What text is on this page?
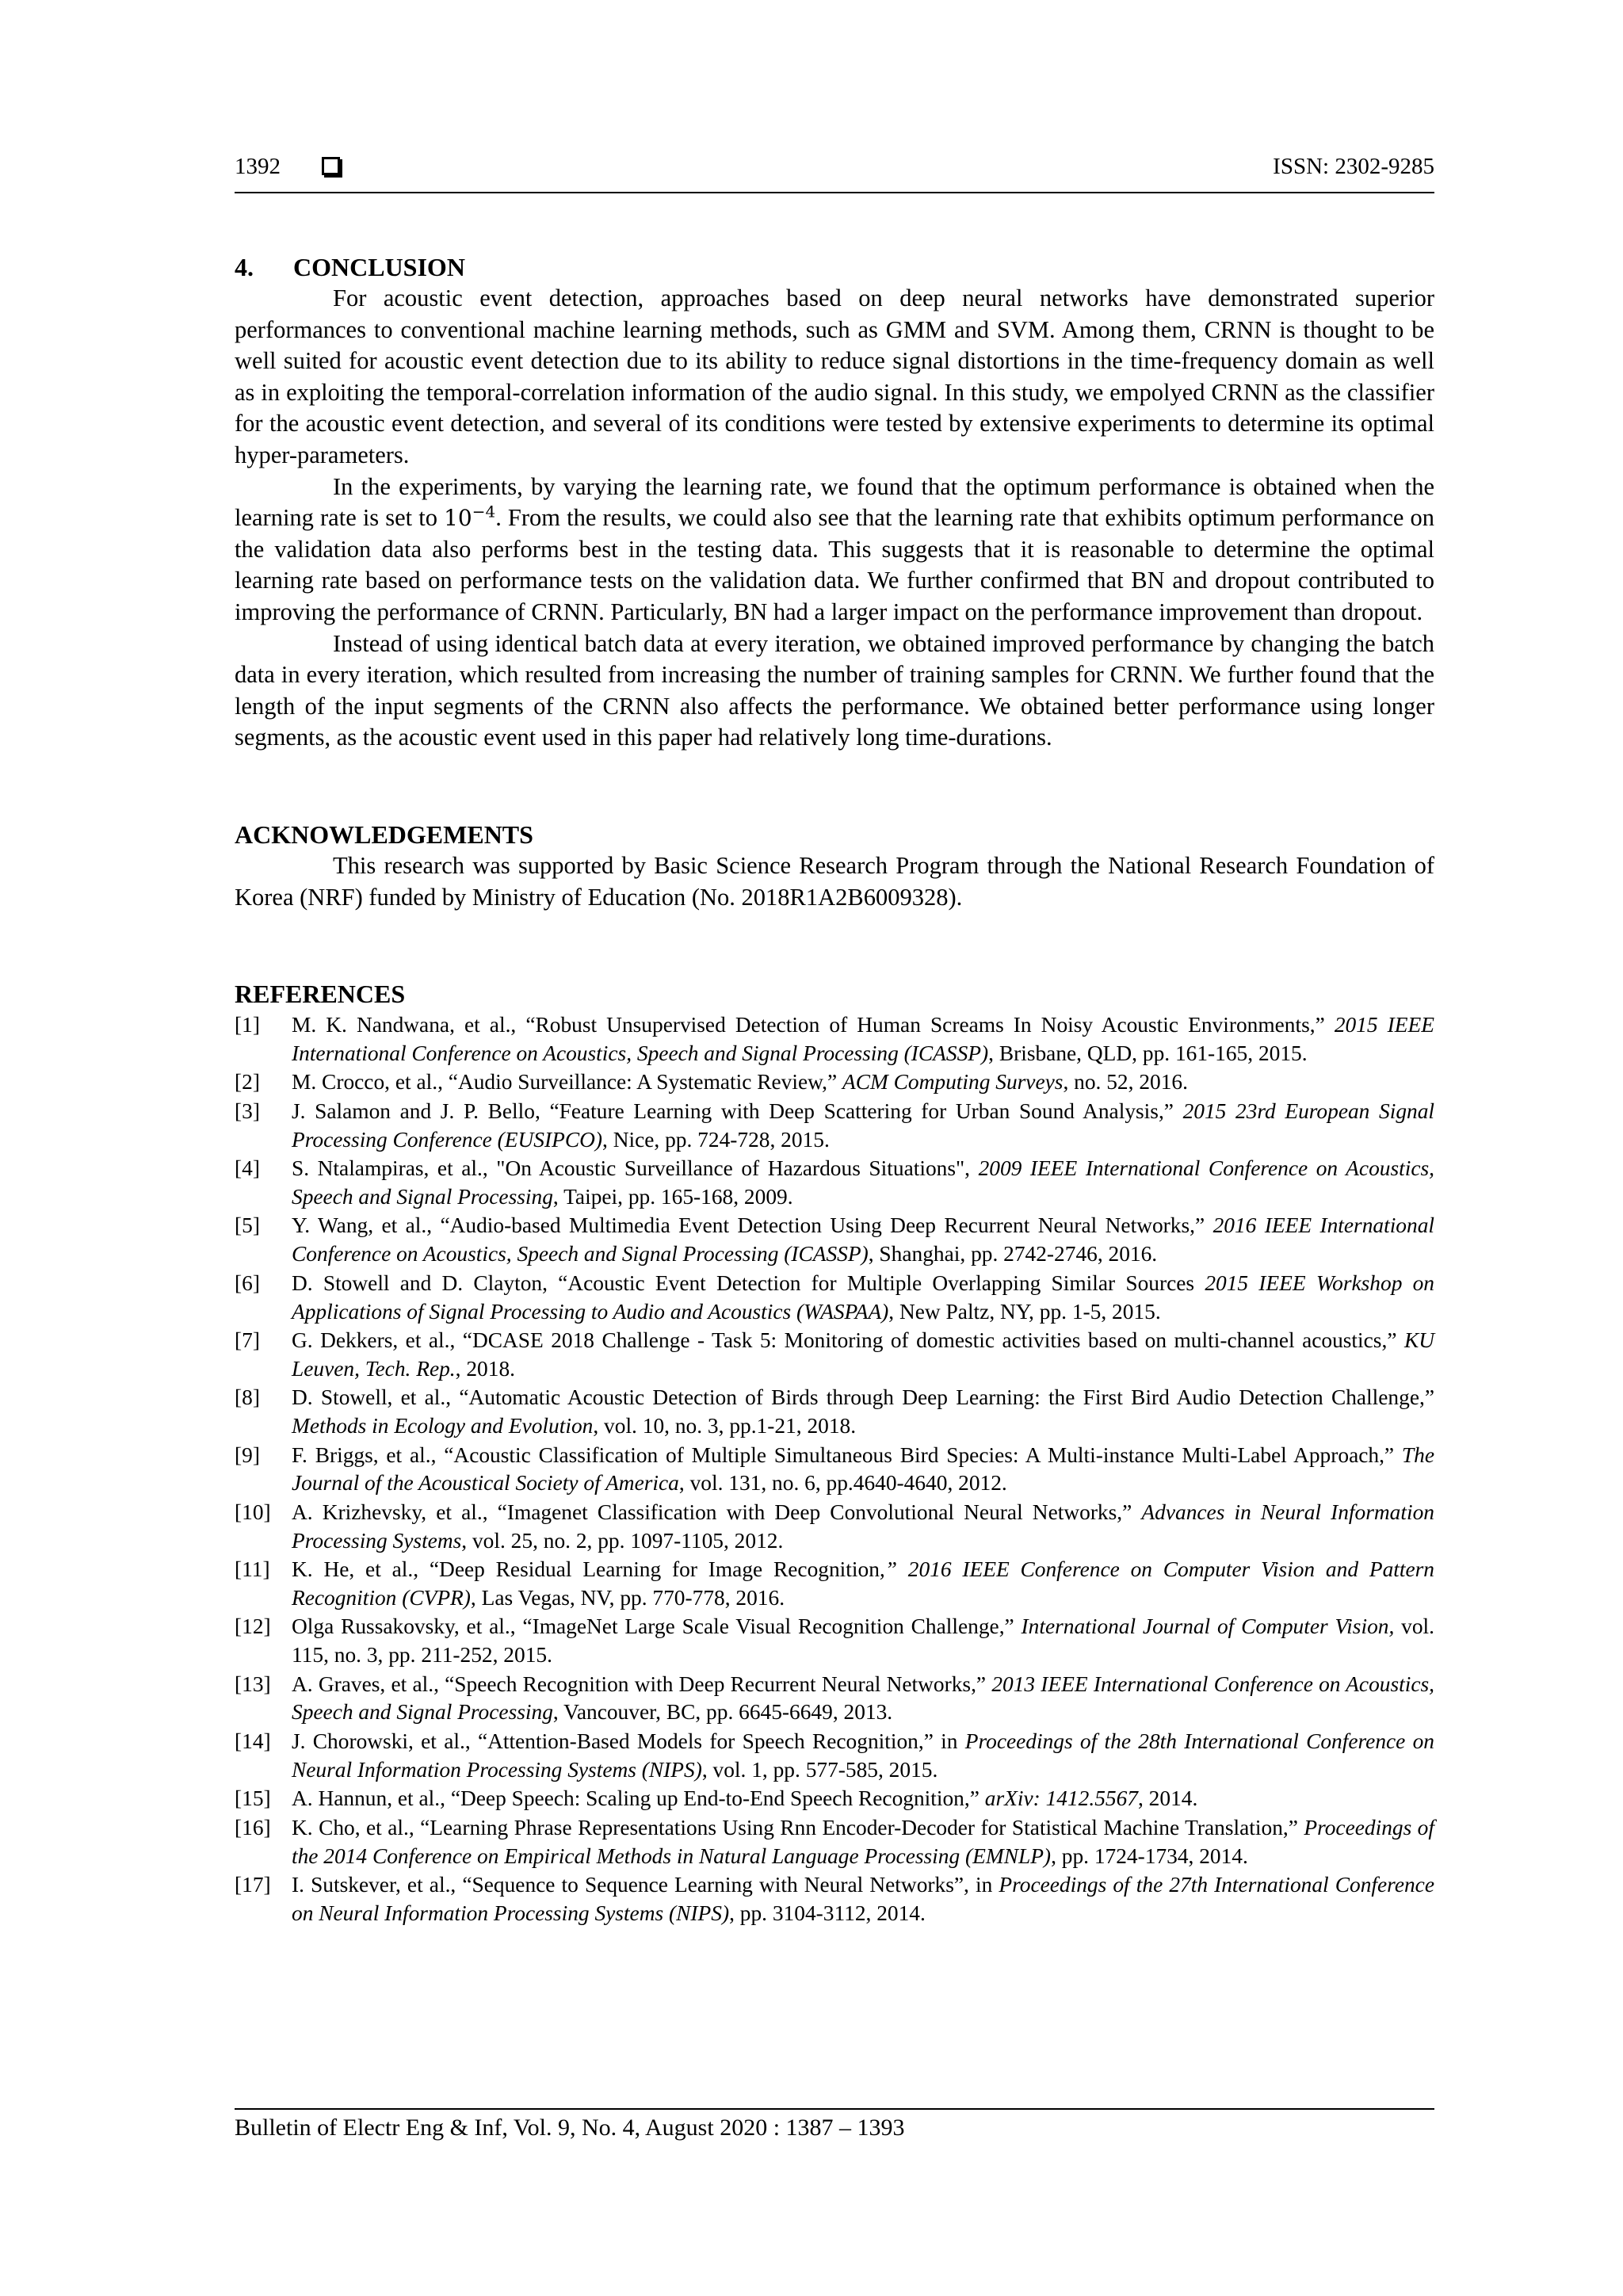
1392	ISSN: 2302-9285
4. CONCLUSION

For acoustic event detection, approaches based on deep neural networks have demonstrated superior performances to conventional machine learning methods, such as GMM and SVM. Among them, CRNN is thought to be well suited for acoustic event detection due to its ability to reduce signal distortions in the time-frequency domain as well as in exploiting the temporal-correlation information of the audio signal. In this study, we empolyed CRNN as the classifier for the acoustic event detection, and several of its conditions were tested by extensive experiments to determine its optimal hyper-parameters.

In the experiments, by varying the learning rate, we found that the optimum performance is obtained when the learning rate is set to $10^{-4}$. From the results, we could also see that the learning rate that exhibits optimum performance on the validation data also performs best in the testing data. This suggests that it is reasonable to determine the optimal learning rate based on performance tests on the validation data. We further confirmed that BN and dropout contributed to improving the performance of CRNN. Particularly, BN had a larger impact on the performance improvement than dropout.

Instead of using identical batch data at every iteration, we obtained improved performance by changing the batch data in every iteration, which resulted from increasing the number of training samples for CRNN. We further found that the length of the input segments of the CRNN also affects the performance. We obtained better performance using longer segments, as the acoustic event used in this paper had relatively long time-durations.

ACKNOWLEDGEMENTS

This research was supported by Basic Science Research Program through the National Research Foundation of Korea (NRF) funded by Ministry of Education (No. 2018R1A2B6009328).

REFERENCES
[1] M. K. Nandwana, et al., “Robust Unsupervised Detection of Human Screams In Noisy Acoustic Environments,” 2015 IEEE International Conference on Acoustics, Speech and Signal Processing (ICASSP), Brisbane, QLD, pp. 161-165, 2015.
[2] M. Crocco, et al., “Audio Surveillance: A Systematic Review,” ACM Computing Surveys, no. 52, 2016.
[3] J. Salamon and J. P. Bello, “Feature Learning with Deep Scattering for Urban Sound Analysis,” 2015 23rd European Signal Processing Conference (EUSIPCO), Nice, pp. 724-728, 2015.
[4] S. Ntalampiras, et al., "On Acoustic Surveillance of Hazardous Situations", 2009 IEEE International Conference on Acoustics, Speech and Signal Processing, Taipei, pp. 165-168, 2009.
[5] Y. Wang, et al., “Audio-based Multimedia Event Detection Using Deep Recurrent Neural Networks,” 2016 IEEE International Conference on Acoustics, Speech and Signal Processing (ICASSP), Shanghai, pp. 2742-2746, 2016.
[6] D. Stowell and D. Clayton, “Acoustic Event Detection for Multiple Overlapping Similar Sources 2015 IEEE Workshop on Applications of Signal Processing to Audio and Acoustics (WASPAA), New Paltz, NY, pp. 1-5, 2015.
[7] G. Dekkers, et al., “DCASE 2018 Challenge - Task 5: Monitoring of domestic activities based on multi-channel acoustics,” KU Leuven, Tech. Rep., 2018.
[8] D. Stowell, et al., “Automatic Acoustic Detection of Birds through Deep Learning: the First Bird Audio Detection Challenge,” Methods in Ecology and Evolution, vol. 10, no. 3, pp.1-21, 2018.
[9] F. Briggs, et al., “Acoustic Classification of Multiple Simultaneous Bird Species: A Multi-instance Multi-Label Approach,” The Journal of the Acoustical Society of America, vol. 131, no. 6, pp.4640-4640, 2012.
[10] A. Krizhevsky, et al., “Imagenet Classification with Deep Convolutional Neural Networks,” Advances in Neural Information Processing Systems, vol. 25, no. 2, pp. 1097-1105, 2012.
[11] K. He, et al., “Deep Residual Learning for Image Recognition,” 2016 IEEE Conference on Computer Vision and Pattern Recognition (CVPR), Las Vegas, NV, pp. 770-778, 2016.
[12] Olga Russakovsky, et al., “ImageNet Large Scale Visual Recognition Challenge,” International Journal of Computer Vision, vol. 115, no. 3, pp. 211-252, 2015.
[13] A. Graves, et al., “Speech Recognition with Deep Recurrent Neural Networks,” 2013 IEEE International Conference on Acoustics, Speech and Signal Processing, Vancouver, BC, pp. 6645-6649, 2013.
[14] J. Chorowski, et al., “Attention-Based Models for Speech Recognition,” in Proceedings of the 28th International Conference on Neural Information Processing Systems (NIPS), vol. 1, pp. 577-585, 2015.
[15] A. Hannun, et al., “Deep Speech: Scaling up End-to-End Speech Recognition,” arXiv: 1412.5567, 2014.
[16] K. Cho, et al., “Learning Phrase Representations Using Rnn Encoder-Decoder for Statistical Machine Translation,” Proceedings of the 2014 Conference on Empirical Methods in Natural Language Processing (EMNLP), pp. 1724-1734, 2014.
[17] I. Sutskever, et al., “Sequence to Sequence Learning with Neural Networks”, in Proceedings of the 27th International Conference on Neural Information Processing Systems (NIPS), pp. 3104-3112, 2014.
Bulletin of Electr Eng & Inf, Vol. 9, No. 4, August 2020 : 1387 – 1393
